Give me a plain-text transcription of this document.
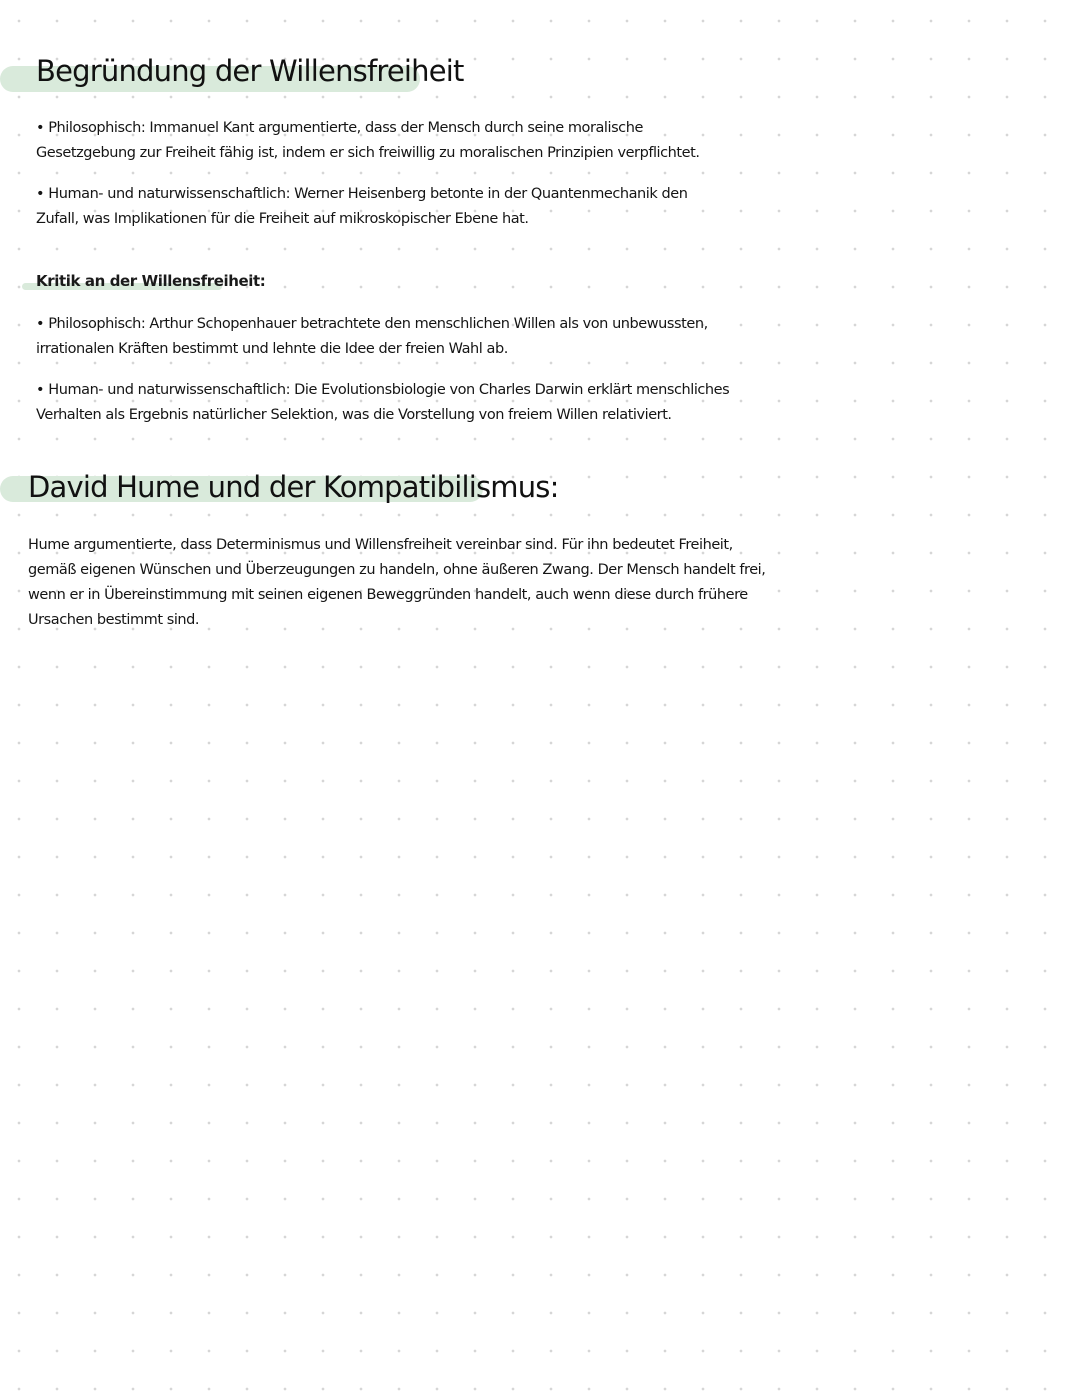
Begründung der Willensfreiheit

• Philosophisch: Immanuel Kant argumentierte, dass der Mensch durch seine moralische Gesetzgebung zur Freiheit fähig ist, indem er sich freiwillig zu moralischen Prinzipien verpflichtet.

• Human- und naturwissenschaftlich: Werner Heisenberg betonte in der Quantenmechanik den Zufall, was Implikationen für die Freiheit auf mikroskopischer Ebene hat.

Kritik an der Willensfreiheit:

• Philosophisch: Arthur Schopenhauer betrachtete den menschlichen Willen als von unbewussten, irrationalen Kräften bestimmt und lehnte die Idee der freien Wahl ab.

• Human- und naturwissenschaftlich: Die Evolutionsbiologie von Charles Darwin erklärt menschliches Verhalten als Ergebnis natürlicher Selektion, was die Vorstellung von freiem Willen relativiert.

David Hume und der Kompatibilismus:

Hume argumentierte, dass Determinismus und Willensfreiheit vereinbar sind. Für ihn bedeutet Freiheit, gemäß eigenen Wünschen und Überzeugungen zu handeln, ohne äußeren Zwang. Der Mensch handelt frei, wenn er in Übereinstimmung mit seinen eigenen Beweggründen handelt, auch wenn diese durch frühere Ursachen bestimmt sind.
